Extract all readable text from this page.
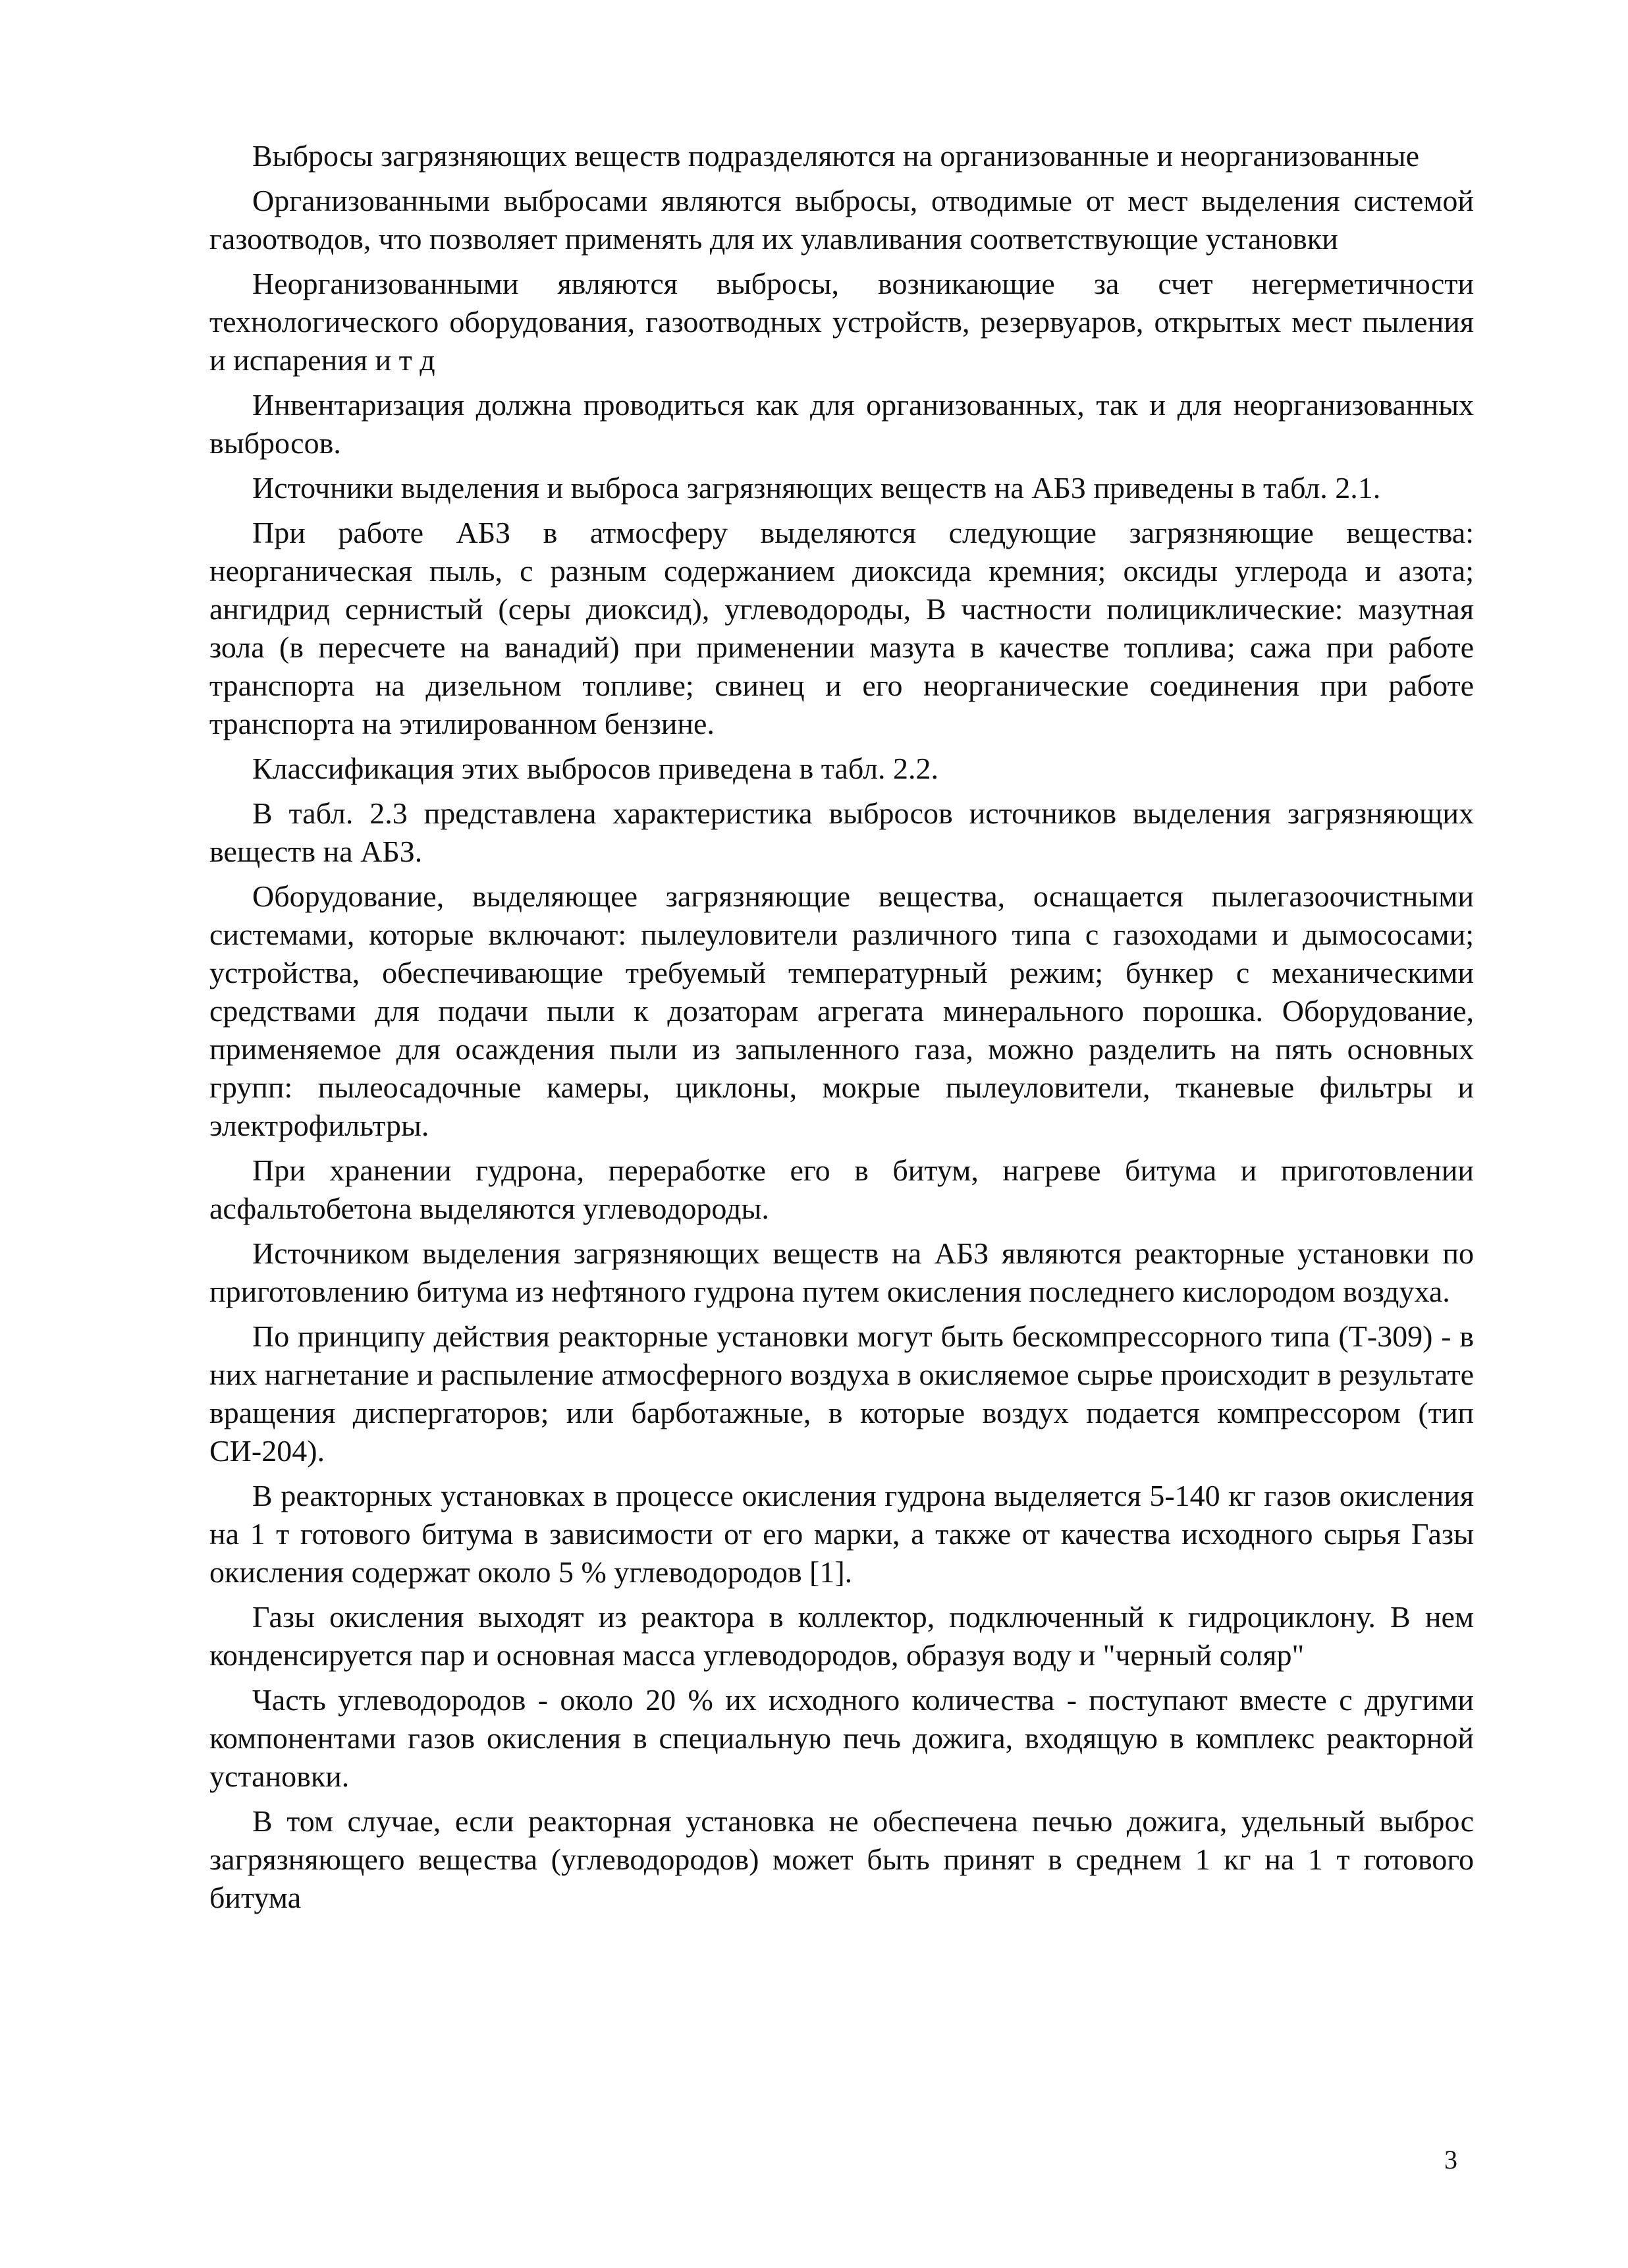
Выбросы загрязняющих веществ подразделяются на организованные и неорганизованные

Организованными выбросами являются выбросы, отводимые от мест выделения системой газоотводов, что позволяет применять для их улавливания соответствующие установки

Неорганизованными являются выбросы, возникающие за счет негерметичности технологического оборудования, газоотводных устройств, резервуаров, открытых мест пыления и испарения и т д

Инвентаризация должна проводиться как для организованных, так и для неорганизованных выбросов.

Источники выделения и выброса загрязняющих веществ на АБЗ приведены в табл. 2.1.

При работе АБЗ в атмосферу выделяются следующие загрязняющие вещества: неорганическая пыль, с разным содержанием диоксида кремния; оксиды углерода и азота; ангидрид сернистый (серы диоксид), углеводороды, В частности полициклические: мазутная зола (в пересчете на ванадий) при применении мазута в качестве топлива; сажа при работе транспорта на дизельном топливе; свинец и его неорганические соединения при работе транспорта на этилированном бензине.

Классификация этих выбросов приведена в табл. 2.2.

В табл. 2.3 представлена характеристика выбросов источников выделения загрязняющих веществ на АБЗ.

Оборудование, выделяющее загрязняющие вещества, оснащается пылегазоочистными системами, которые включают: пылеуловители различного типа с газоходами и дымососами; устройства, обеспечивающие требуемый температурный режим; бункер с механическими средствами для подачи пыли к дозаторам агрегата минерального порошка. Оборудование, применяемое для осаждения пыли из запыленного газа, можно разделить на пять основных групп: пылеосадочные камеры, циклоны, мокрые пылеуловители, тканевые фильтры и электрофильтры.

При хранении гудрона, переработке его в битум, нагреве битума и приготовлении асфальтобетона выделяются углеводороды.

Источником выделения загрязняющих веществ на АБЗ являются реакторные установки по приготовлению битума из нефтяного гудрона путем окисления последнего кислородом воздуха.

По принципу действия реакторные установки могут быть бескомпрессорного типа (Т-309) - в них нагнетание и распыление атмосферного воздуха в окисляемое сырье происходит в результате вращения диспергаторов; или барботажные, в которые воздух подается компрессором (тип СИ-204).

В реакторных установках в процессе окисления гудрона выделяется 5-140 кг газов окисления на 1 т готового битума в зависимости от его марки, а также от качества исходного сырья Газы окисления содержат около 5 % углеводородов [1].

Газы окисления выходят из реактора в коллектор, подключенный к гидроциклону. В нем конденсируется пар и основная масса углеводородов, образуя воду и "черный соляр"

Часть углеводородов - около 20 % их исходного количества - поступают вместе с другими компонентами газов окисления в специальную печь дожига, входящую в комплекс реакторной установки.

В том случае, если реакторная установка не обеспечена печью дожига, удельный выброс загрязняющего вещества (углеводородов) может быть принят в среднем 1 кг на 1 т готового битума

3
